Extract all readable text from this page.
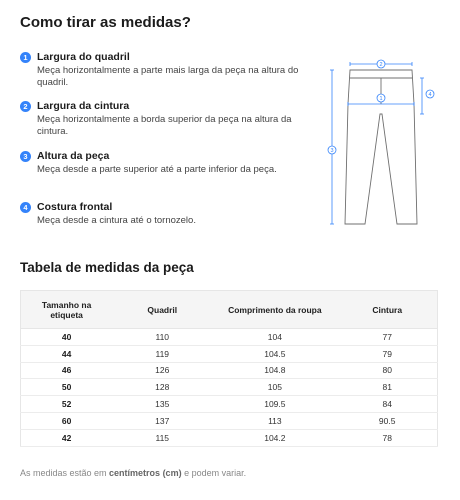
Como tirar as medidas?
1 Largura do quadril
Meça horizontalmente a parte mais larga da peça na altura do quadril.
2 Largura da cintura
Meça horizontalmente a borda superior da peça na altura da cintura.
3 Altura da peça
Meça desde a parte superior até a parte inferior da peça.
4 Costura frontal
Meça desde a cintura até o tornozelo.
2
1
3
4
Tabela de medidas da peça
Tamanho na etiqueta	Quadril	Comprimento da roupa	Cintura
40	110	104	77
44	119	104.5	79
46	126	104.8	80
50	128	105	81
52	135	109.5	84
60	137	113	90.5
42	115	104.2	78
As medidas estão em centímetros (cm) e podem variar.
